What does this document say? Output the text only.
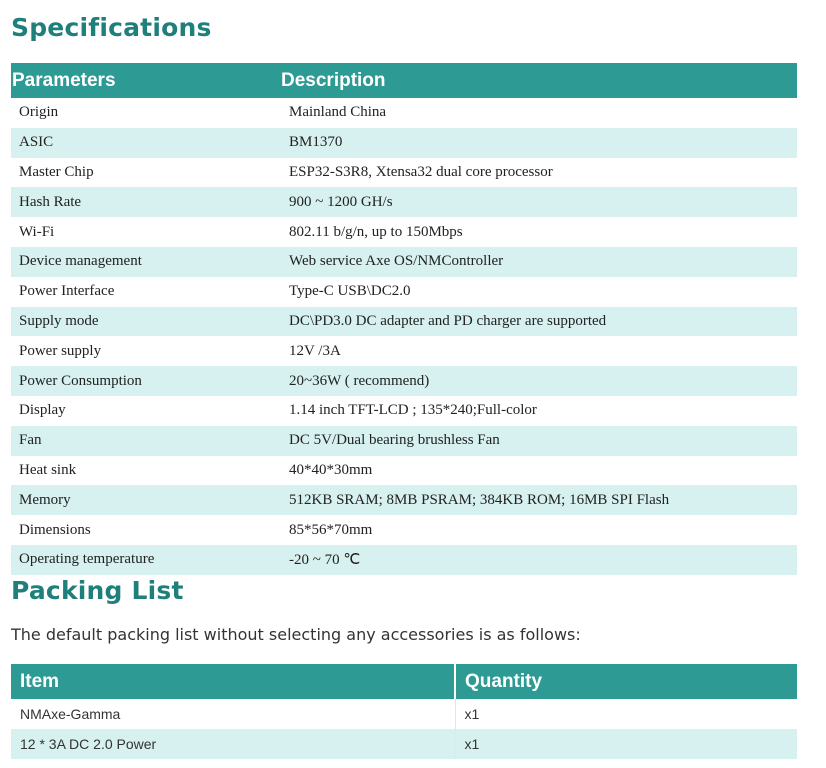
Specifications
Parameters	Description
Origin	Mainland China
ASIC	BM1370
Master Chip	ESP32-S3R8, Xtensa32 dual core processor
Hash Rate	900 ~ 1200 GH/s
Wi-Fi	802.11 b/g/n, up to 150Mbps
Device management	Web service Axe OS/NMController
Power Interface	Type-C USB\DC2.0
Supply mode	DC\PD3.0 DC adapter and PD charger are supported
Power supply	12V /3A
Power Consumption	20~36W ( recommend)
Display	1.14 inch TFT-LCD ; 135*240;Full-color
Fan	DC 5V/Dual bearing brushless Fan
Heat sink	40*40*30mm
Memory	512KB SRAM; 8MB PSRAM; 384KB ROM; 16MB SPI Flash
Dimensions	85*56*70mm
Operating temperature	-20 ~ 70 ℃
Packing List
The default packing list without selecting any accessories is as follows:
Item	Quantity
NMAxe-Gamma	x1
12 * 3A DC 2.0 Power	x1
